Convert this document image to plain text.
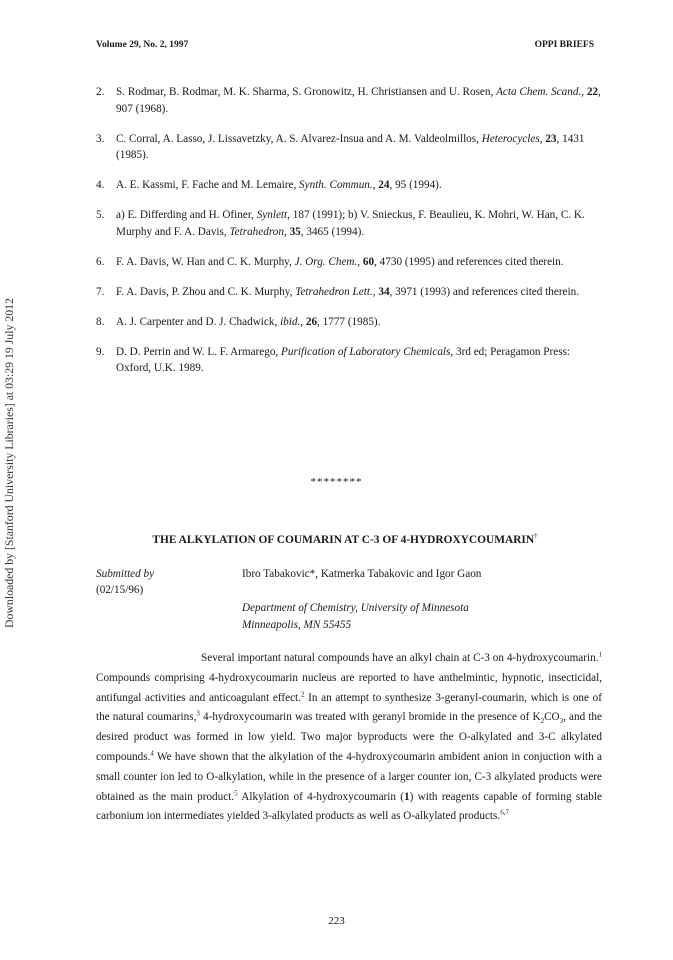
Volume 29, No. 2, 1997	OPPI BRIEFS
Downloaded by [Stanford University Libraries] at 03:29 19 July 2012
2. S. Rodmar, B. Rodmar, M. K. Sharma, S. Gronowitz, H. Christiansen and U. Rosen, Acta Chem. Scand., 22, 907 (1968).
3. C. Corral, A. Lasso, J. Lissavetzky, A. S. Alvarez-Insua and A. M. Valdeolmillos, Heterocycles, 23, 1431 (1985).
4. A. E. Kassmi, F. Fache and M. Lemaire, Synth. Commun., 24, 95 (1994).
5. a) E. Differding and H. Ofiner, Synlett, 187 (1991); b) V. Snieckus, F. Beaulieu, K. Mohri, W. Han, C. K. Murphy and F. A. Davis, Tetrahedron, 35, 3465 (1994).
6. F. A. Davis, W. Han and C. K. Murphy, J. Org. Chem., 60, 4730 (1995) and references cited therein.
7. F. A. Davis, P. Zhou and C. K. Murphy, Tetrahedron Lett., 34, 3971 (1993) and references cited therein.
8. A. J. Carpenter and D. J. Chadwick, ibid., 26, 1777 (1985).
9. D. D. Perrin and W. L. F. Armarego, Purification of Laboratory Chemicals, 3rd ed; Peragamon Press: Oxford, U.K. 1989.
********
THE ALKYLATION OF COUMARIN AT C-3 OF 4-HYDROXYCOUMARIN†
Submitted by
(02/15/96)
Ibro Tabakovic*, Katmerka Tabakovic and Igor Gaon
Department of Chemistry, University of Minnesota
Minneapolis, MN 55455

Several important natural compounds have an alkyl chain at C-3 on 4-hydroxycoumarin.$^1$ Compounds comprising 4-hydroxycoumarin nucleus are reported to have anthelmintic, hypnotic, insecticidal, antifungal activities and anticoagulant effect.$^2$ In an attempt to synthesize 3-geranyl-coumarin, which is one of the natural coumarins,$^3$ 4-hydroxycoumarin was treated with geranyl bromide in the presence of $K_2CO_3$, and the desired product was formed in low yield. Two major byproducts were the O-alkylated and 3-C alkylated compounds.$^4$ We have shown that the alkylation of the 4-hydroxycoumarin ambident anion in conjuction with a small counter ion led to O-alkylation, while in the presence of a larger counter ion, C-3 alkylated products were obtained as the main product.$^5$ Alkylation of 4-hydroxycoumarin (1) with reagents capable of forming stable carbonium ion intermediates yielded 3-alkylated products as well as O-alkylated products.$^{6,7}$

223
